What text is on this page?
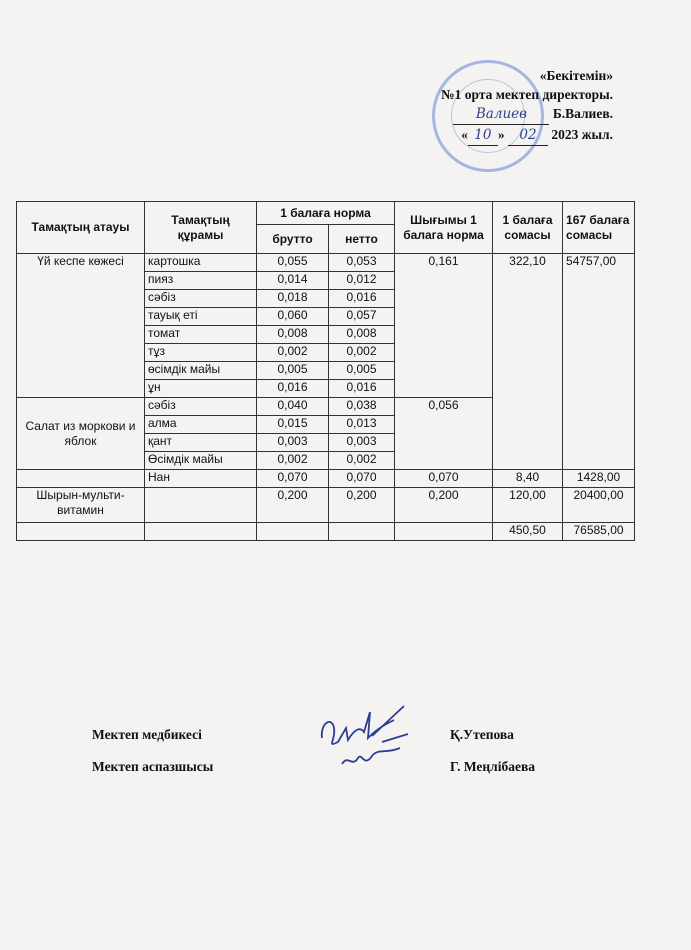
«Бекітемін»
№1 орта мектеп директоры.
Валиев Б.Валиев.
« 10 » 02 2023 жыл.
Тамақтың атауы	Тамақтың құрамы	1 балаға норма		Шығымы 1 балага норма	1 балаға сомасы	167 балаға сомасы
		брутто	нетто			
Үй кеспе көжесі	картошка	0,055	0,053	0,161	322,10	54757,00
	пияз	0,014	0,012			
	сәбіз	0,018	0,016			
	тауық еті	0,060	0,057			
	томат	0,008	0,008			
	тұз	0,002	0,002			
	өсімдік майы	0,005	0,005			
	ұн	0,016	0,016			
Салат из моркови и яблок	сәбіз	0,040	0,038	0,056		
	алма	0,015	0,013			
	қант	0,003	0,003			
	Өсімдік майы	0,002	0,002			
	Нан	0,070	0,070	0,070	8,40	1428,00
Шырын-мульти-витамин		0,200	0,200	0,200	120,00	20400,00
					450,50	76585,00
Мектеп медбикесі	Қ.Утепова
Мектеп аспазшысы	Г. Меңлібаева
